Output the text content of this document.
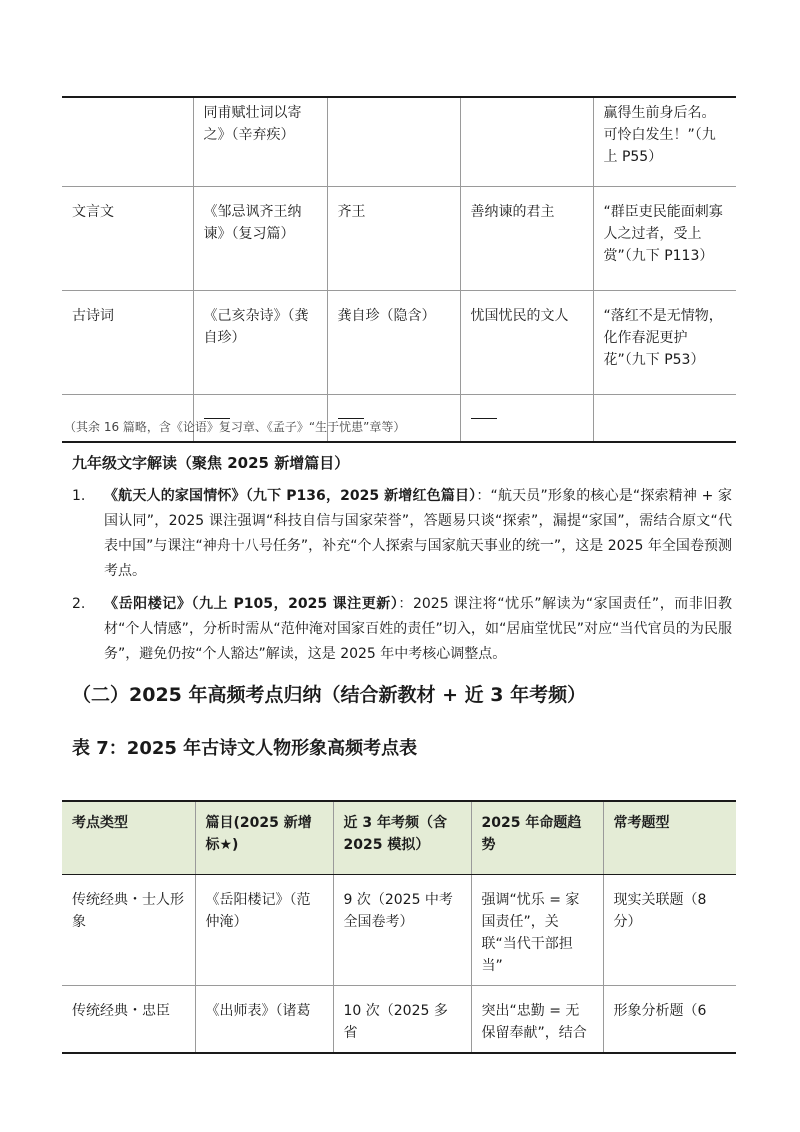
	同甫赋壮词以寄之》（辛弃疾）			赢得生前身后名。可怜白发生！”（九上 P55）
文言文	《邹忌讽齐王纳谏》（复习篇）	齐王	善纳谏的君主	“群臣吏民能面刺寡人之过者，受上赏”（九下 P113）
古诗词	《己亥杂诗》（龚自珍）	龚自珍（隐含）	忧国忧民的文人	“落红不是无情物，化作春泥更护花”（九下 P53）

（其余 16 篇略，含《论语》复习章、《孟子》“生于忧患”章等）
九年级文字解读（聚焦 2025 新增篇目）
1. 《航天人的家国情怀》（九下 P136，2025 新增红色篇目）：“航天员”形象的核心是“探索精神 + 家国认同”，2025 课注强调“科技自信与国家荣誉”，答题易只谈“探索”，漏提“家国”，需结合原文“代表中国”与课注“神舟十八号任务”，补充“个人探索与国家航天事业的统一”，这是 2025 年全国卷预测考点。
2. 《岳阳楼记》（九上 P105，2025 课注更新）：2025 课注将“忧乐”解读为“家国责任”，而非旧教材“个人情感”，分析时需从“范仲淹对国家百姓的责任”切入，如“居庙堂忧民”对应“当代官员的为民服务”，避免仍按“个人豁达”解读，这是 2025 年中考核心调整点。
（二）2025 年高频考点归纳（结合新教材 + 近 3 年考频）
表 7：2025 年古诗文人物形象高频考点表
考点类型	篇目(2025 新增标★)	近 3 年考频（含 2025 模拟）	2025 年命题趋势	常考题型
传统经典・士人形象	《岳阳楼记》（范仲淹）	9 次（2025 中考全国卷考）	强调“忧乐 = 家国责任”，关联“当代干部担当”	现实关联题（8 分）
传统经典・忠臣	《出师表》（诸葛	10 次（2025 多省	突出“忠勤 = 无保留奉献”，结合	形象分析题（6
